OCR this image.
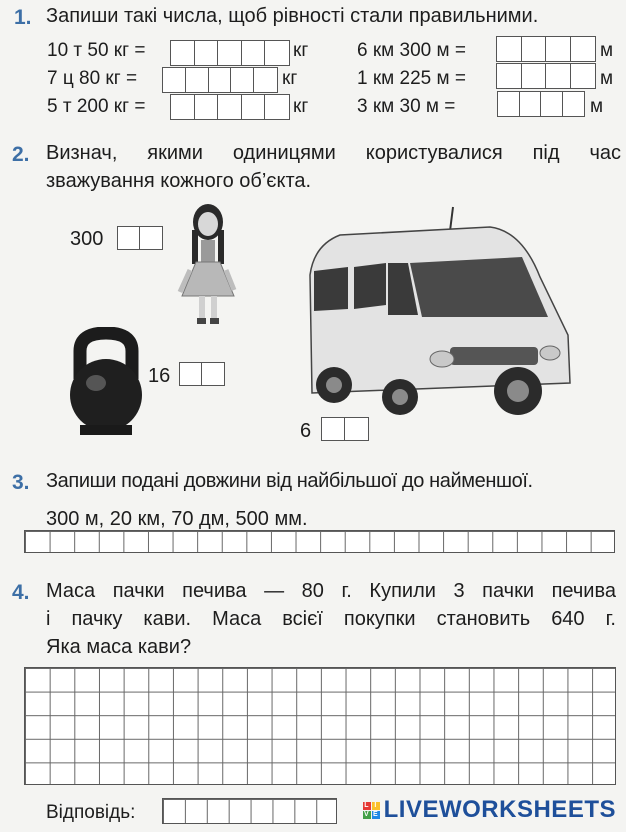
1. Запиши такі числа, щоб рівності стали правильними.
10 т 50 кг =	кг
7 ц 80 кг =	кг
5 т 200 кг =	кг
6 км 300 м =	м
1 км 225 м =	м
3 км 30 м =	м
2. Визнач, якими одиницями користувалися під час
зважування кожного об’єкта.
300
16
6
3. Запиши подані довжини від найбільшої до найменшої.
300 м, 20 км, 70 дм, 500 мм.
4. Маса пачки печива — 80 г. Купили 3 пачки печива
і пачку кави. Маса всієї покупки становить 640 г.
Яка маса кави?
Відповідь:	L I
V E LIVEWORKSHEETS
